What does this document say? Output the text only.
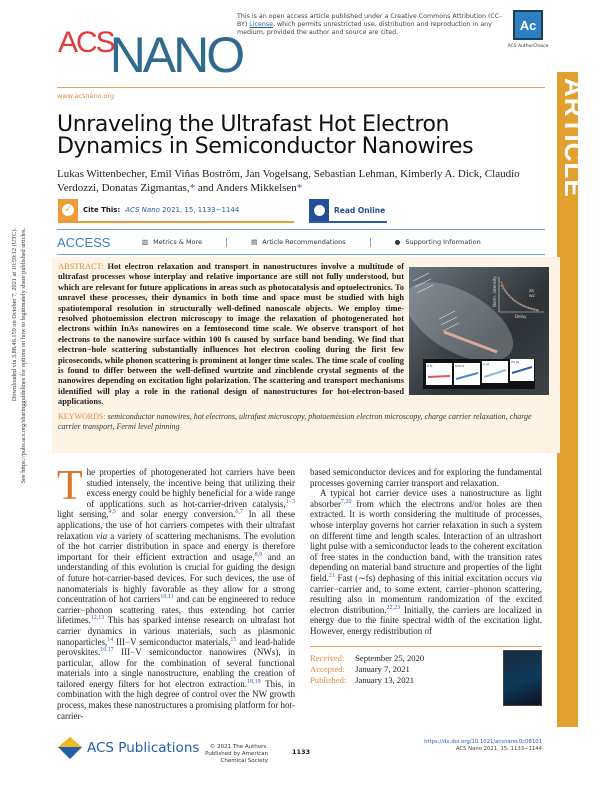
Downloaded via 3.88.46.159 on October 7, 2021 at 10:59:12 (UTC). See https://pubs.acs.org/sharingguidelines for options on how to legitimately share published articles.
This is an open access article published under a Creative Commons Attribution (CC-BY) License, which permits unrestricted use, distribution and reproduction in any medium, provided the author and source are cited.	Ac
ACS AuthorChoice
ACS
NANO
www.acsnano.org	ARTICLE
Unraveling the Ultrafast Hot Electron Dynamics in Semiconductor Nanowires
Lukas Wittenbecher, Emil Viñas Boström, Jan Vogelsang, Sebastian Lehman, Kimberly A. Dick, Claudio Verdozzi, Donatas Zigmantas,* and Anders Mikkelsen*
✓	Cite This: ACS Nano 2021, 15, 1133−1144	Read Online
ACCESS	▥ Metrics & More	▤ Article Recommendations	● Supporting Information
ABSTRACT: Hot electron relaxation and transport in nanostructures involve a multitude of ultrafast processes whose interplay and relative importance are still not fully understood, but which are relevant for future applications in areas such as photocatalysis and optoelectronics. To unravel these processes, their dynamics in both time and space must be studied with high spatiotemporal resolution in structurally well-defined nanoscale objects. We employ time-resolved photoemission electron microscopy to image the relaxation of photogenerated hot electrons within InAs nanowires on a femtosecond time scale. We observe transport of hot electrons to the nanowire surface within 100 fs caused by surface band bending. We find that electron−hole scattering substantially influences hot electron cooling during the first few picoseconds, while phonon scattering is prominent at longer time scales. The time scale of cooling is found to differ between the well-defined wurtzite and zincblende crystal segments of the nanowires depending on excitation light polarization. The scattering and transport mechanisms identified will play a role in the rational design of nanostructures for hot-electron-based applications.
Norm. intensity
Delay
ZB
WZ
0 fs	500 fs	1 ps	15 ps
KEYWORDS: semiconductor nanowires, hot electrons, ultrafast microscopy, photoemission electron microscopy, charge carrier relaxation, charge carrier transport, Fermi level pinning

The properties of photogenerated hot carriers have been studied intensely, the incentive being that utilizing their excess energy could be highly beneficial for a wide range of applications such as hot-carrier-driven catalysis,$^{1-3}$ light sensing,$^{4,5}$ and solar energy conversion.$^{6,7}$ In all these applications, the use of hot carriers competes with their ultrafast relaxation via a variety of scattering mechanisms. The evolution of the hot carrier distribution in space and energy is therefore important for their efficient extraction and usage,$^{8,9}$ and an understanding of this evolution is crucial for guiding the design of future hot-carrier-based devices. For such devices, the use of nanomaterials is highly favorable as they allow for a strong concentration of hot carriers$^{10,11}$ and can be engineered to reduce carrier−phonon scattering rates, thus extending hot carrier lifetimes.$^{12,13}$ This has sparked intense research on ultrafast hot carrier dynamics in various materials, such as plasmonic nanoparticles,$^{14}$ III−V semiconductor materials,$^{15}$ and lead-halide perovskites.$^{16,17}$ III−V semiconductor nanowires (NWs), in particular, allow for the combination of several functional materials into a single nanostructure, enabling the creation of tailored energy filters for hot electron extraction.$^{18,19}$ This, in combination with the high degree of control over the NW growth process, makes these nanostructures a promising platform for hot-carrier-

based semiconductor devices and for exploring the fundamental processes governing carrier transport and relaxation.

A typical hot carrier device uses a nanostructure as light absorber$^{7,20}$ from which the electrons and/or holes are then extracted. It is worth considering the multitude of processes, whose interplay governs hot carrier relaxation in such a system on different time and length scales. Interaction of an ultrashort light pulse with a semiconductor leads to the coherent excitation of free states in the conduction band, with the transition rates depending on material band structure and properties of the light field.$^{21}$ Fast (∼fs) dephasing of this initial excitation occurs via carrier−carrier and, to some extent, carrier−phonon scattering, resulting also in momentum randomization of the excited electron distribution.$^{22,23}$ Initially, the carriers are localized in energy due to the finite spectral width of the excitation light. However, energy redistribution of

Received: September 25, 2020
Accepted: January 7, 2021
Published: January 13, 2021
ACS Publications	© 2021 The Authors. Published by American Chemical Society
1133
https://dx.doi.org/10.1021/acsnano.0c08101
ACS Nano 2021, 15, 1133−1144
